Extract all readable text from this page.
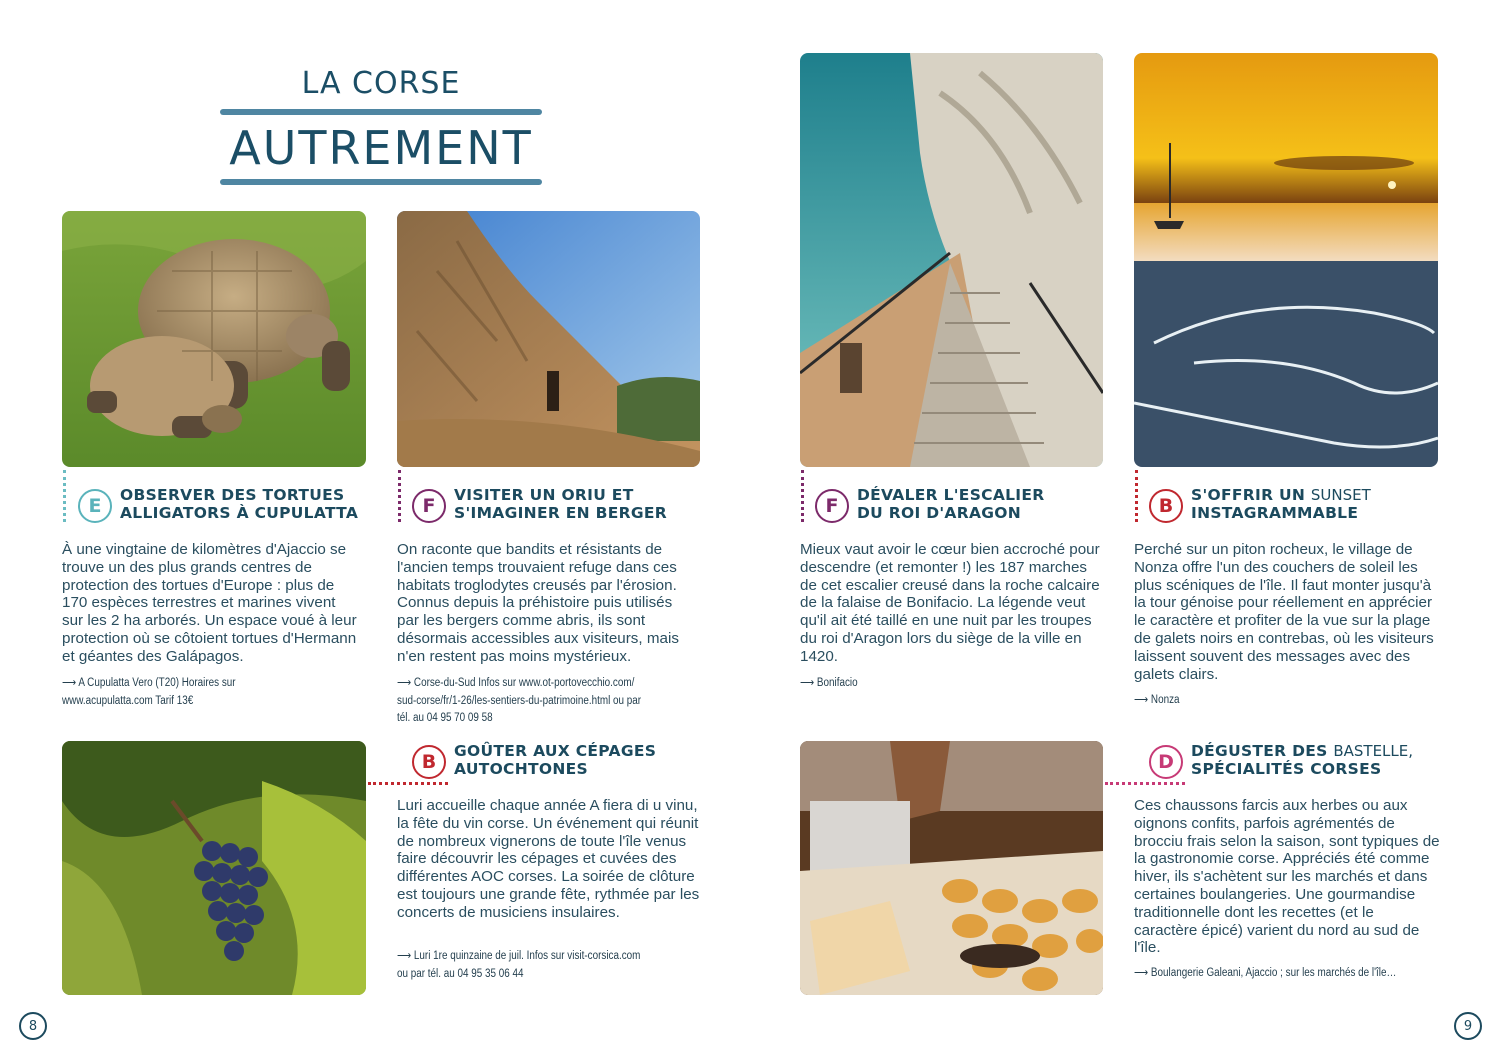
LA CORSE
AUTREMENT
E	OBSERVER DES TORTUES
ALLIGATORS À CUPULATTA
À une vingtaine de kilomètres d'Ajaccio se trouve un des plus grands centres de protection des tortues d'Europe : plus de 170 espèces terrestres et marines vivent sur les 2 ha arborés. Un espace voué à leur protection où se côtoient tortues d'Hermann et géantes des Galápagos.
⟶ A Cupulatta Vero (T20) Horaires sur
www.acupulatta.com Tarif 13€
F	VISITER UN ORIU ET
S'IMAGINER EN BERGER
On raconte que bandits et résistants de l'ancien temps trouvaient refuge dans ces habitats troglodytes creusés par l'érosion. Connus depuis la préhistoire puis utilisés par les bergers comme abris, ils sont désormais accessibles aux visiteurs, mais n'en restent pas moins mystérieux.
⟶ Corse-du-Sud Infos sur www.ot-portovecchio.com/
sud-corse/fr/1-26/les-sentiers-du-patrimoine.html ou par
tél. au 04 95 70 09 58
B	GOÛTER AUX CÉPAGES
AUTOCHTONES
Luri accueille chaque année A fiera di u vinu, la fête du vin corse. Un événement qui réunit de nombreux vignerons de toute l'île venus faire découvrir les cépages et cuvées des différentes AOC corses. La soirée de clôture est toujours une grande fête, rythmée par les concerts de musiciens insulaires.
⟶ Luri 1re quinzaine de juil. Infos sur visit-corsica.com
ou par tél. au 04 95 35 06 44
8
F	DÉVALER L'ESCALIER
DU ROI D'ARAGON
Mieux vaut avoir le cœur bien accroché pour descendre (et remonter !) les 187 marches de cet escalier creusé dans la roche calcaire de la falaise de Bonifacio. La légende veut qu'il ait été taillé en une nuit par les troupes du roi d'Aragon lors du siège de la ville en 1420.
⟶ Bonifacio
B	S'OFFRIR UN SUNSET
INSTAGRAMMABLE
Perché sur un piton rocheux, le village de Nonza offre l'un des couchers de soleil les plus scéniques de l'île. Il faut monter jusqu'à la tour génoise pour réellement en apprécier le caractère et profiter de la vue sur la plage de galets noirs en contrebas, où les visiteurs laissent souvent des messages avec des galets clairs.
⟶ Nonza
D	DÉGUSTER DES BASTELLE,
SPÉCIALITÉS CORSES
Ces chaussons farcis aux herbes ou aux oignons confits, parfois agrémentés de brocciu frais selon la saison, sont typiques de la gastronomie corse. Appréciés été comme hiver, ils s'achètent sur les marchés et dans certaines boulangeries. Une gourmandise traditionnelle dont les recettes (et le caractère épicé) varient du nord au sud de l'île.
⟶ Boulangerie Galeani, Ajaccio ; sur les marchés de l'île…
9
